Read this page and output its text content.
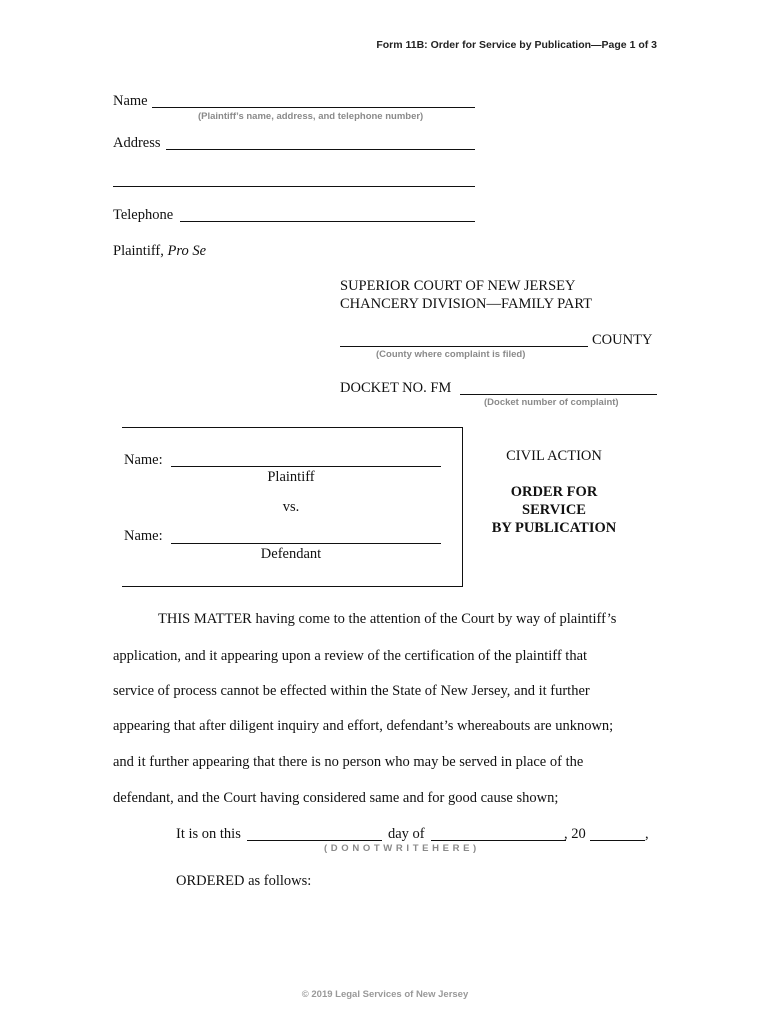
Form 11B: Order for Service by Publication—Page 1 of 3
Name
(Plaintiff’s name, address, and telephone number)
Address
Telephone
Plaintiff, Pro Se
SUPERIOR COURT OF NEW JERSEY
CHANCERY DIVISION—FAMILY PART
COUNTY
(County where complaint is filed)
DOCKET NO. FM
(Docket number of complaint)
Name:
Plaintiff
vs.
Name:
Defendant
CIVIL ACTION
ORDER FOR
SERVICE
BY PUBLICATION
THIS MATTER having come to the attention of the Court by way of plaintiff’s
application, and it appearing upon a review of the certification of the plaintiff that
service of process cannot be effected within the State of New Jersey, and it further
appearing that after diligent inquiry and effort, defendant’s whereabouts are unknown;
and it further appearing that there is no person who may be served in place of the
defendant, and the Court having considered same and for good cause shown;
It is on this	day of	, 20	,
( D O N O T W R I T E H E R E )
ORDERED as follows:
© 2019 Legal Services of New Jersey
